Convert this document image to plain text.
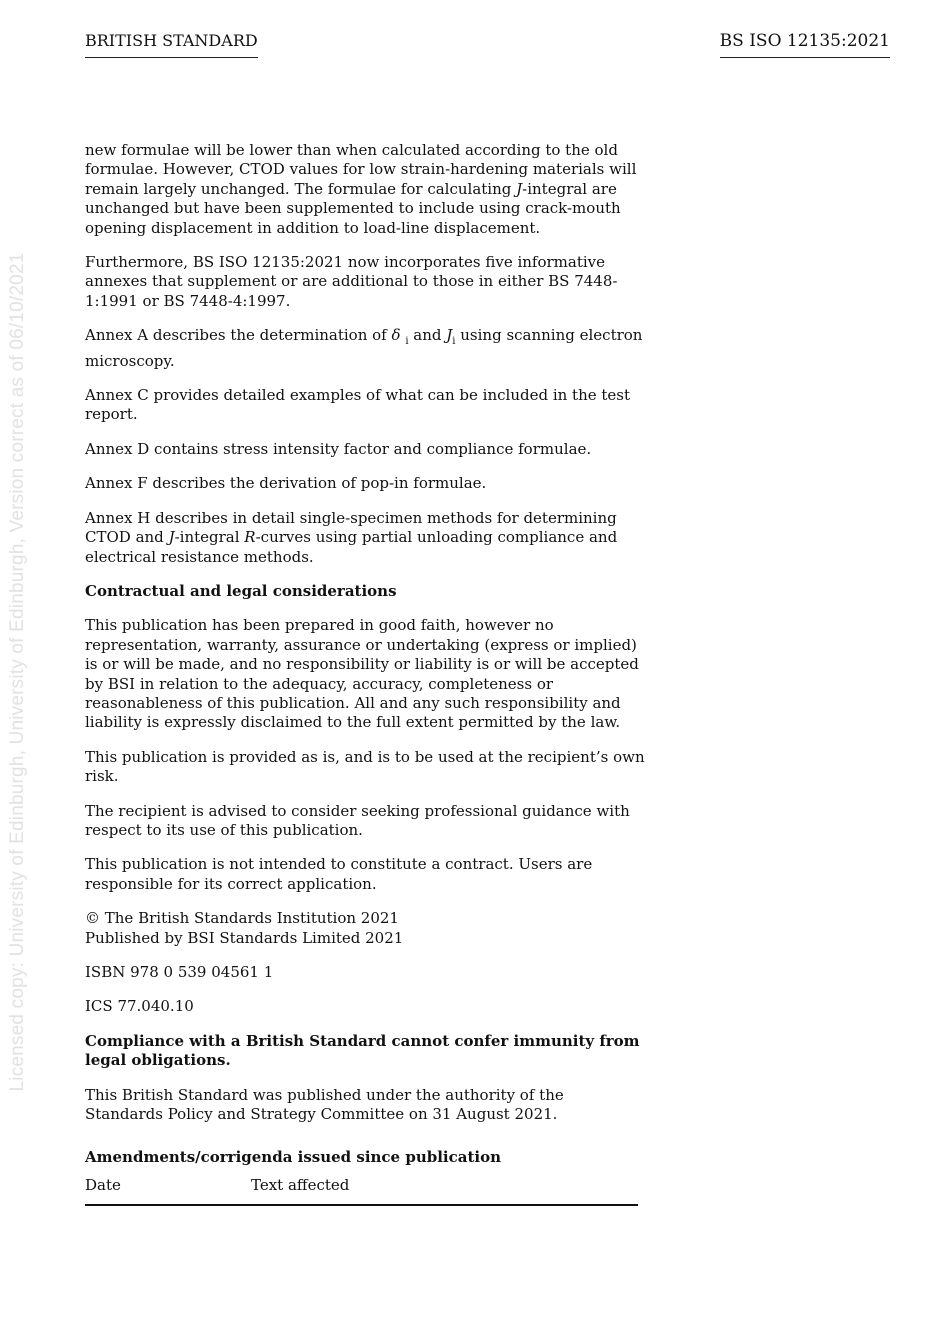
BRITISH STANDARD	BS ISO 12135:2021
Licensed copy: University of Edinburgh, University of Edinburgh, Version correct as of 06/10/2021

new formulae will be lower than when calculated according to the old formulae. However, CTOD values for low strain-hardening materials will remain largely unchanged. The formulae for calculating J-integral are unchanged but have been supplemented to include using crack-mouth opening displacement in addition to load-line displacement.

Furthermore, BS ISO 12135:2021 now incorporates five informative annexes that supplement or are additional to those in either BS 7448- 1:1991 or BS 7448-4:1997.

Annex A describes the determination of δ $_i$ and $J_i$ using scanning electron microscopy.

Annex C provides detailed examples of what can be included in the test report.

Annex D contains stress intensity factor and compliance formulae.

Annex F describes the derivation of pop-in formulae.

Annex H describes in detail single-specimen methods for determining CTOD and J-integral R-curves using partial unloading compliance and electrical resistance methods.

Contractual and legal considerations

This publication has been prepared in good faith, however no representation, warranty, assurance or undertaking (express or implied) is or will be made, and no responsibility or liability is or will be accepted by BSI in relation to the adequacy, accuracy, completeness or reasonableness of this publication. All and any such responsibility and liability is expressly disclaimed to the full extent permitted by the law.

This publication is provided as is, and is to be used at the recipient’s own risk.

The recipient is advised to consider seeking professional guidance with respect to its use of this publication.

This publication is not intended to constitute a contract. Users are responsible for its correct application.

© The British Standards Institution 2021
Published by BSI Standards Limited 2021

ISBN 978 0 539 04561 1

ICS 77.040.10

Compliance with a British Standard cannot confer immunity from legal obligations.

This British Standard was published under the authority of the Standards Policy and Strategy Committee on 31 August 2021.

Amendments/corrigenda issued since publication

Date	Text affected
